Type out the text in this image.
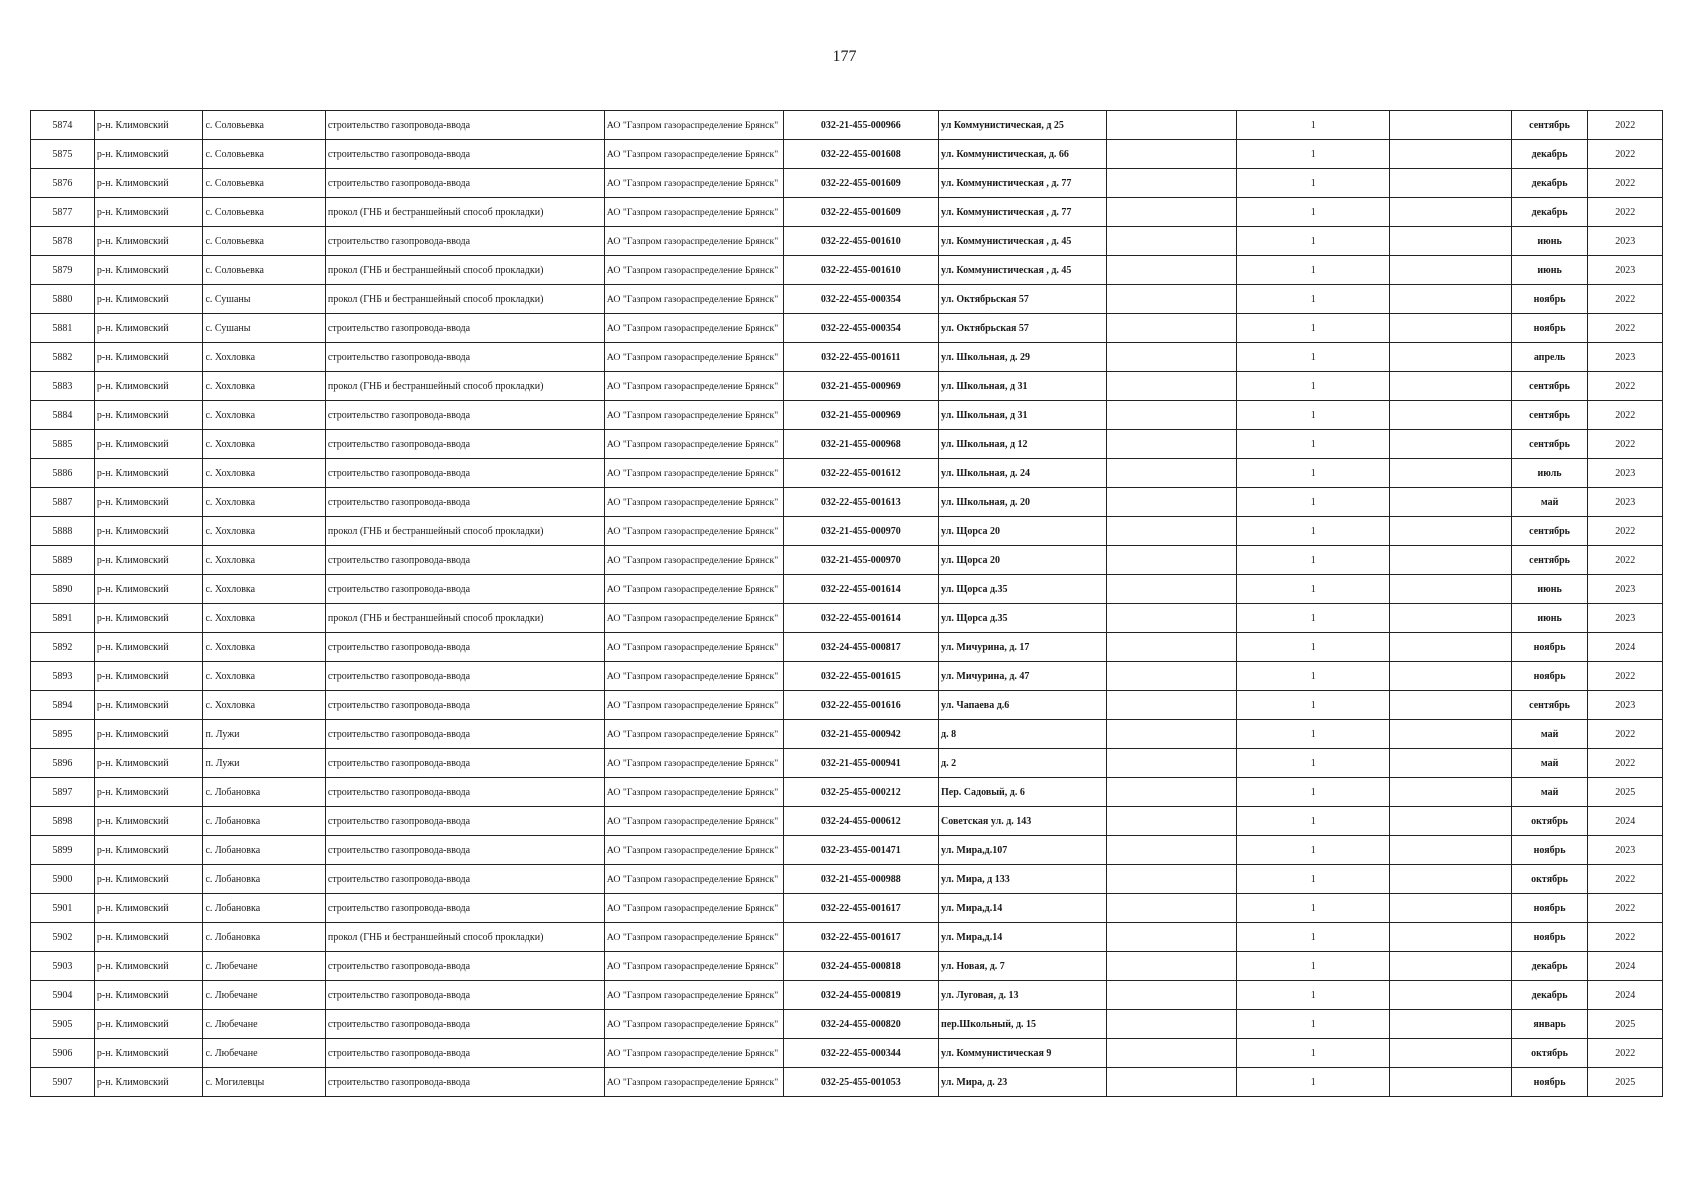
177
5874	р-н. Климовский	с. Соловьевка	строительство газопровода-ввода	АО "Газпром газораспределение Брянск"	032-21-455-000966	ул Коммунистическая, д 25		1		сентябрь	2022
5875	р-н. Климовский	с. Соловьевка	строительство газопровода-ввода	АО "Газпром газораспределение Брянск"	032-22-455-001608	ул. Коммунистическая, д. 66		1		декабрь	2022
5876	р-н. Климовский	с. Соловьевка	строительство газопровода-ввода	АО "Газпром газораспределение Брянск"	032-22-455-001609	ул. Коммунистическая , д. 77		1		декабрь	2022
5877	р-н. Климовский	с. Соловьевка	прокол (ГНБ и бестраншейный способ прокладки)	АО "Газпром газораспределение Брянск"	032-22-455-001609	ул. Коммунистическая , д. 77		1		декабрь	2022
5878	р-н. Климовский	с. Соловьевка	строительство газопровода-ввода	АО "Газпром газораспределение Брянск"	032-22-455-001610	ул. Коммунистическая , д. 45		1		июнь	2023
5879	р-н. Климовский	с. Соловьевка	прокол (ГНБ и бестраншейный способ прокладки)	АО "Газпром газораспределение Брянск"	032-22-455-001610	ул. Коммунистическая , д. 45		1		июнь	2023
5880	р-н. Климовский	с. Сушаны	прокол (ГНБ и бестраншейный способ прокладки)	АО "Газпром газораспределение Брянск"	032-22-455-000354	ул. Октябрьская 57		1		ноябрь	2022
5881	р-н. Климовский	с. Сушаны	строительство газопровода-ввода	АО "Газпром газораспределение Брянск"	032-22-455-000354	ул. Октябрьская 57		1		ноябрь	2022
5882	р-н. Климовский	с. Хохловка	строительство газопровода-ввода	АО "Газпром газораспределение Брянск"	032-22-455-001611	ул. Школьная, д. 29		1		апрель	2023
5883	р-н. Климовский	с. Хохловка	прокол (ГНБ и бестраншейный способ прокладки)	АО "Газпром газораспределение Брянск"	032-21-455-000969	ул. Школьная, д 31		1		сентябрь	2022
5884	р-н. Климовский	с. Хохловка	строительство газопровода-ввода	АО "Газпром газораспределение Брянск"	032-21-455-000969	ул. Школьная, д 31		1		сентябрь	2022
5885	р-н. Климовский	с. Хохловка	строительство газопровода-ввода	АО "Газпром газораспределение Брянск"	032-21-455-000968	ул. Школьная, д 12		1		сентябрь	2022
5886	р-н. Климовский	с. Хохловка	строительство газопровода-ввода	АО "Газпром газораспределение Брянск"	032-22-455-001612	ул. Школьная, д. 24		1		июль	2023
5887	р-н. Климовский	с. Хохловка	строительство газопровода-ввода	АО "Газпром газораспределение Брянск"	032-22-455-001613	ул. Школьная, д. 20		1		май	2023
5888	р-н. Климовский	с. Хохловка	прокол (ГНБ и бестраншейный способ прокладки)	АО "Газпром газораспределение Брянск"	032-21-455-000970	ул. Щорса 20		1		сентябрь	2022
5889	р-н. Климовский	с. Хохловка	строительство газопровода-ввода	АО "Газпром газораспределение Брянск"	032-21-455-000970	ул. Щорса 20		1		сентябрь	2022
5890	р-н. Климовский	с. Хохловка	строительство газопровода-ввода	АО "Газпром газораспределение Брянск"	032-22-455-001614	ул. Щорса д.35		1		июнь	2023
5891	р-н. Климовский	с. Хохловка	прокол (ГНБ и бестраншейный способ прокладки)	АО "Газпром газораспределение Брянск"	032-22-455-001614	ул. Щорса д.35		1		июнь	2023
5892	р-н. Климовский	с. Хохловка	строительство газопровода-ввода	АО "Газпром газораспределение Брянск"	032-24-455-000817	ул. Мичурина, д. 17		1		ноябрь	2024
5893	р-н. Климовский	с. Хохловка	строительство газопровода-ввода	АО "Газпром газораспределение Брянск"	032-22-455-001615	ул. Мичурина, д. 47		1		ноябрь	2022
5894	р-н. Климовский	с. Хохловка	строительство газопровода-ввода	АО "Газпром газораспределение Брянск"	032-22-455-001616	ул. Чапаева д.6		1		сентябрь	2023
5895	р-н. Климовский	п. Лужи	строительство газопровода-ввода	АО "Газпром газораспределение Брянск"	032-21-455-000942	д. 8		1		май	2022
5896	р-н. Климовский	п. Лужи	строительство газопровода-ввода	АО "Газпром газораспределение Брянск"	032-21-455-000941	д. 2		1		май	2022
5897	р-н. Климовский	с. Лобановка	строительство газопровода-ввода	АО "Газпром газораспределение Брянск"	032-25-455-000212	Пер. Садовый, д. 6		1		май	2025
5898	р-н. Климовский	с. Лобановка	строительство газопровода-ввода	АО "Газпром газораспределение Брянск"	032-24-455-000612	Советская ул. д. 143		1		октябрь	2024
5899	р-н. Климовский	с. Лобановка	строительство газопровода-ввода	АО "Газпром газораспределение Брянск"	032-23-455-001471	ул. Мира,д.107		1		ноябрь	2023
5900	р-н. Климовский	с. Лобановка	строительство газопровода-ввода	АО "Газпром газораспределение Брянск"	032-21-455-000988	ул. Мира, д 133		1		октябрь	2022
5901	р-н. Климовский	с. Лобановка	строительство газопровода-ввода	АО "Газпром газораспределение Брянск"	032-22-455-001617	ул. Мира,д.14		1		ноябрь	2022
5902	р-н. Климовский	с. Лобановка	прокол (ГНБ и бестраншейный способ прокладки)	АО "Газпром газораспределение Брянск"	032-22-455-001617	ул. Мира,д.14		1		ноябрь	2022
5903	р-н. Климовский	с. Любечане	строительство газопровода-ввода	АО "Газпром газораспределение Брянск"	032-24-455-000818	ул. Новая, д. 7		1		декабрь	2024
5904	р-н. Климовский	с. Любечане	строительство газопровода-ввода	АО "Газпром газораспределение Брянск"	032-24-455-000819	ул. Луговая, д. 13		1		декабрь	2024
5905	р-н. Климовский	с. Любечане	строительство газопровода-ввода	АО "Газпром газораспределение Брянск"	032-24-455-000820	пер.Школьный, д. 15		1		январь	2025
5906	р-н. Климовский	с. Любечане	строительство газопровода-ввода	АО "Газпром газораспределение Брянск"	032-22-455-000344	ул. Коммунистическая 9		1		октябрь	2022
5907	р-н. Климовский	с. Могилевцы	строительство газопровода-ввода	АО "Газпром газораспределение Брянск"	032-25-455-001053	ул. Мира, д. 23		1		ноябрь	2025
